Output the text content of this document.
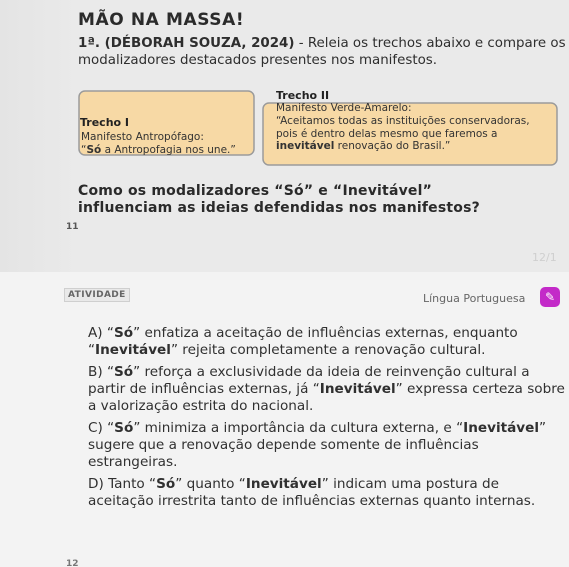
MÃO NA MASSA!
1ª. (DÉBORAH SOUZA, 2024) - Releia os trechos abaixo e compare os modalizadores destacados presentes nos manifestos.
Trecho I
Manifesto Antropófago:
“Só a Antropofagia nos une.”
Trecho II
Manifesto Verde-Amarelo:
“Aceitamos todas as instituições conservadoras,
pois é dentro delas mesmo que faremos a
inevitável renovação do Brasil.”
Como os modalizadores “Só” e “Inevitável” influenciam as ideias defendidas nos manifestos?
11
12/1
ATIVIDADE	Língua Portuguesa	✎
A) “Só” enfatiza a aceitação de influências externas, enquanto “Inevitável” rejeita completamente a renovação cultural.
B) “Só” reforça a exclusividade da ideia de reinvenção cultural a partir de influências externas, já “Inevitável” expressa certeza sobre a valorização estrita do nacional.
C) “Só” minimiza a importância da cultura externa, e “Inevitável” sugere que a renovação depende somente de influências estrangeiras.
D) Tanto “Só” quanto “Inevitável” indicam uma postura de aceitação irrestrita tanto de influências externas quanto internas.
12
